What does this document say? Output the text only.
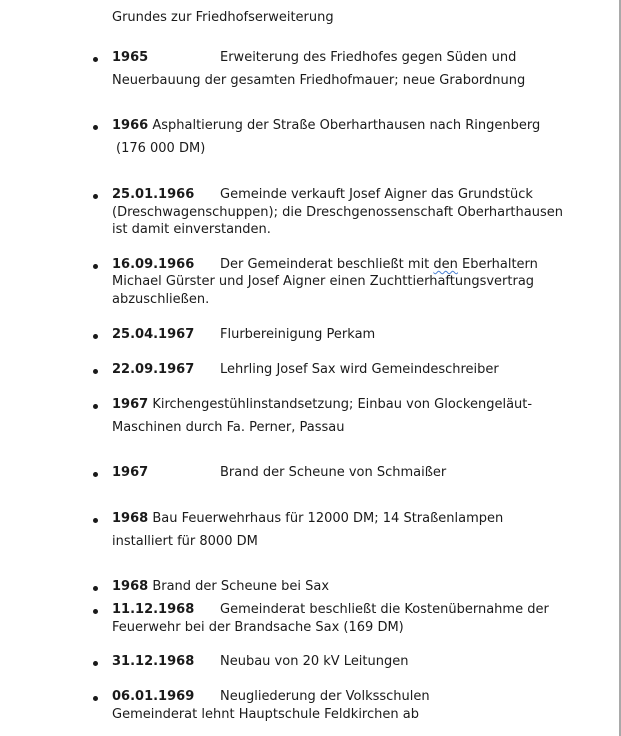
Grundes zur Friedhofserweiterung
1965	Erweiterung des Friedhofes gegen Süden und
Neuerbauung der gesamten Friedhofmauer; neue Grabordnung
1966 Asphaltierung der Straße Oberharthausen nach Ringenberg
(176 000 DM)
25.01.1966 Gemeinde verkauft Josef Aigner das Grundstück
(Dreschwagenschuppen); die Dreschgenossenschaft Oberharthausen
ist damit einverstanden.
16.09.1966 Der Gemeinderat beschließt mit den Eberhaltern
Michael Gürster und Josef Aigner einen Zuchttierhaftungsvertrag
abzuschließen.
25.04.1967 Flurbereinigung Perkam
22.09.1967 Lehrling Josef Sax wird Gemeindeschreiber
1967 Kirchengestühlinstandsetzung; Einbau von Glockengeläut-
Maschinen durch Fa. Perner, Passau
1967	Brand der Scheune von Schmaißer
1968 Bau Feuerwehrhaus für 12000 DM; 14 Straßenlampen
installiert für 8000 DM
1968 Brand der Scheune bei Sax
11.12.1968 Gemeinderat beschließt die Kostenübernahme der
Feuerwehr bei der Brandsache Sax (169 DM)
31.12.1968 Neubau von 20 kV Leitungen
06.01.1969 Neugliederung der Volksschulen
Gemeinderat lehnt Hauptschule Feldkirchen ab
